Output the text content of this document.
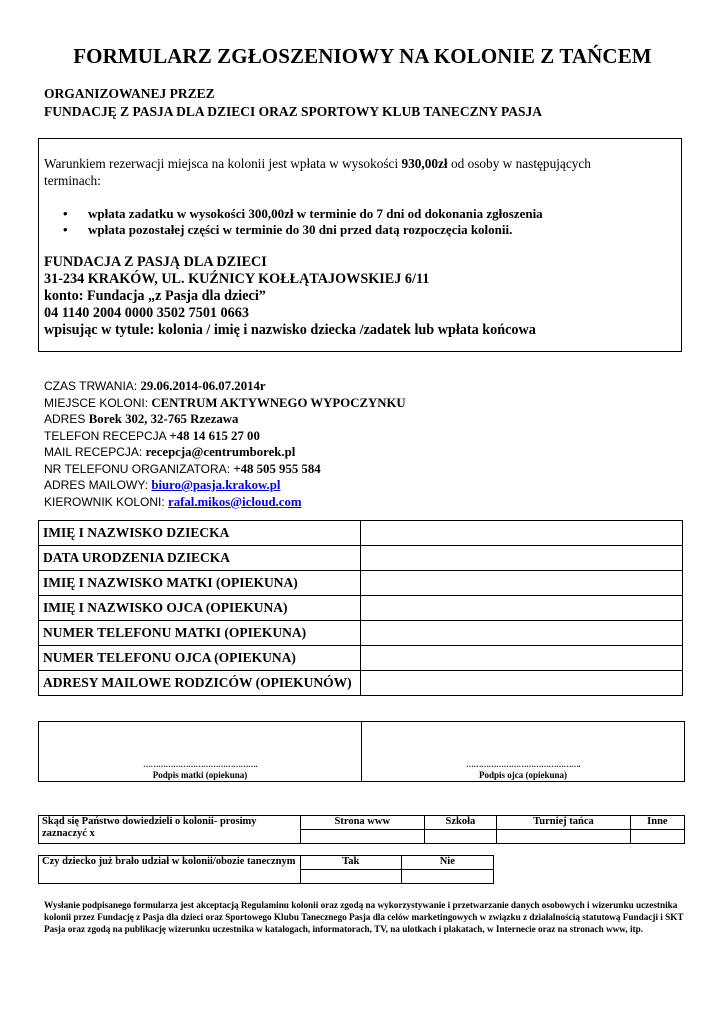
FORMULARZ ZGŁOSZENIOWY NA KOLONIE Z TAŃCEM
ORGANIZOWANEJ PRZEZ
FUNDACJĘ Z PASJA DLA DZIECI ORAZ SPORTOWY KLUB TANECZNY PASJA
Warunkiem rezerwacji miejsca na kolonii jest wpłata w wysokości 930,00zł od osoby w następujących
terminach:
• wpłata zadatku w wysokości 300,00zł w terminie do 7 dni od dokonania zgłoszenia
• wpłata pozostałej części w terminie do 30 dni przed datą rozpoczęcia kolonii.
FUNDACJA Z PASJĄ DLA DZIECI
31-234 KRAKÓW, UL. KUŹNICY KOŁŁĄTAJOWSKIEJ 6/11
konto: Fundacja „z Pasja dla dzieci”
04 1140 2004 0000 3502 7501 0663
wpisując w tytule: kolonia / imię i nazwisko dziecka /zadatek lub wpłata końcowa
CZAS TRWANIA: 29.06.2014-06.07.2014r
MIEJSCE KOLONI: CENTRUM AKTYWNEGO WYPOCZYNKU
ADRES Borek 302, 32-765 Rzezawa
TELEFON RECEPCJA +48 14 615 27 00
MAIL RECEPCJA: recepcja@centrumborek.pl
NR TELEFONU ORGANIZATORA: +48 505 955 584
ADRES MAILOWY: biuro@pasja.krakow.pl
KIEROWNIK KOLONI: rafal.mikos@icloud.com
IMIĘ I NAZWISKO DZIECKA	
DATA URODZENIA DZIECKA	
IMIĘ I NAZWISKO MATKI (OPIEKUNA)	
IMIĘ I NAZWISKO OJCA (OPIEKUNA)	
NUMER TELEFONU MATKI (OPIEKUNA)	
NUMER TELEFONU OJCA (OPIEKUNA)	
ADRESY MAILOWE RODZICÓW (OPIEKUNÓW)	
……………………………………….
Podpis matki (opiekuna)	
……………………………………….
Podpis ojca (opiekuna)
Skąd się Państwo dowiedzieli o kolonii- prosimy zaznaczyć x	Strona www	Szkoła	Turniej tańca	Inne

Czy dziecko już brało udział w kolonii/obozie tanecznym	Tak	Nie

Wysłanie podpisanego formularza jest akceptacją Regulaminu kolonii oraz zgodą na wykorzystywanie i przetwarzanie danych osobowych i wizerunku uczestnika kolonii przez Fundację z Pasja dla dzieci oraz Sportowego Klubu Tanecznego Pasja dla celów marketingowych w związku z działalnością statutową Fundacji i SKT Pasja oraz zgodą na publikację wizerunku uczestnika w katalogach, informatorach, TV, na ulotkach i plakatach, w Internecie oraz na stronach www, itp.
